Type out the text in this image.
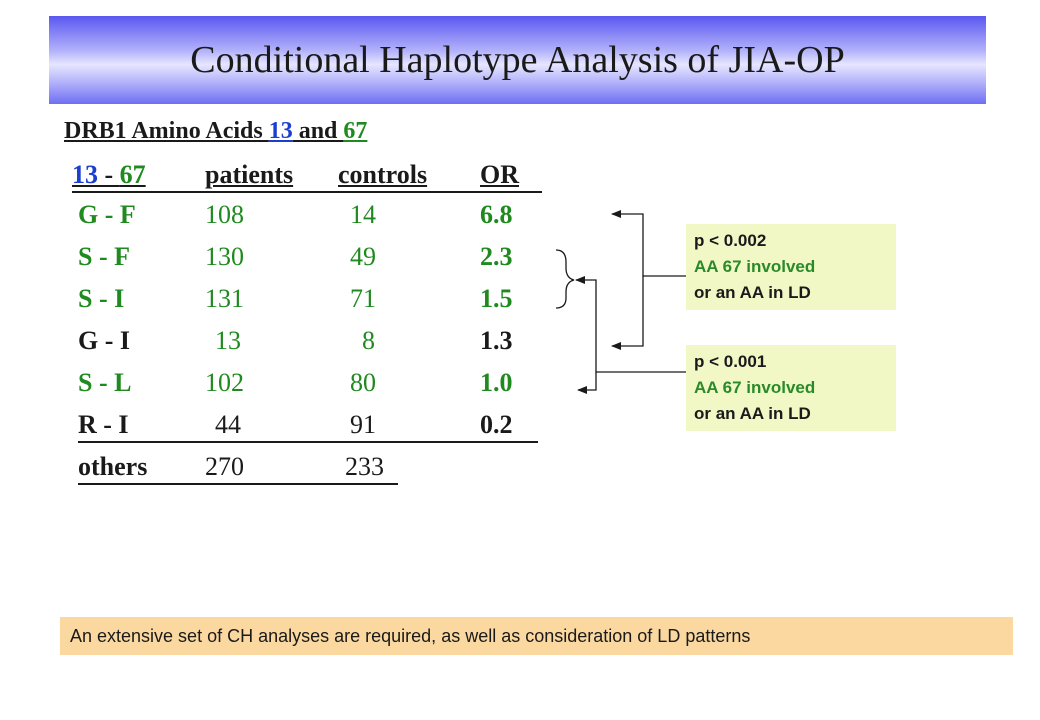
Conditional Haplotype Analysis of JIA-OP
DRB1 Amino Acids 13 and 67
13 - 67	patients controls OR
G - F	108	14	6.8
S - F	130	49	2.3
S - I	131	71	1.5
G - I	13	8	1.3
S - L	102	80	1.0
R - I	44	91	0.2
others 270	233
p < 0.002
AA 67 involved
or an AA in LD
p < 0.001
AA 67 involved
or an AA in LD
An extensive set of CH analyses are required, as well as consideration of LD patterns
